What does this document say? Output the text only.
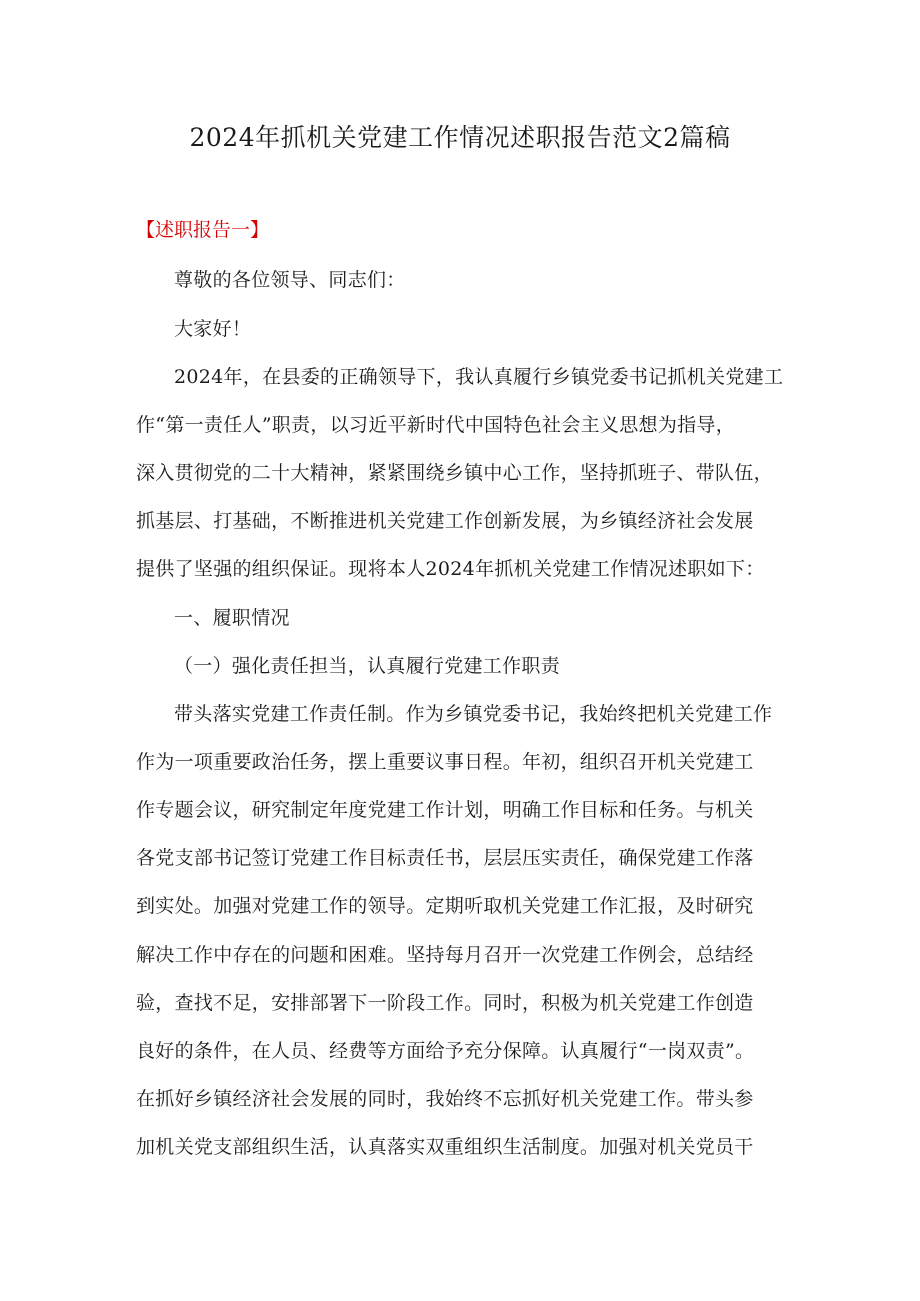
2024年抓机关党建工作情况述职报告范文2篇稿
【述职报告一】
尊敬的各位领导、同志们：
大家好！
2024年，在县委的正确领导下，我认真履行乡镇党委书记抓机关党建工
作“第一责任人”职责，以习近平新时代中国特色社会主义思想为指导，
深入贯彻党的二十大精神，紧紧围绕乡镇中心工作，坚持抓班子、带队伍，
抓基层、打基础，不断推进机关党建工作创新发展，为乡镇经济社会发展
提供了坚强的组织保证。现将本人2024年抓机关党建工作情况述职如下：
一、履职情况
（一）强化责任担当，认真履行党建工作职责
带头落实党建工作责任制。作为乡镇党委书记，我始终把机关党建工作
作为一项重要政治任务，摆上重要议事日程。年初，组织召开机关党建工
作专题会议，研究制定年度党建工作计划，明确工作目标和任务。与机关
各党支部书记签订党建工作目标责任书，层层压实责任，确保党建工作落
到实处。加强对党建工作的领导。定期听取机关党建工作汇报，及时研究
解决工作中存在的问题和困难。坚持每月召开一次党建工作例会，总结经
验，查找不足，安排部署下一阶段工作。同时，积极为机关党建工作创造
良好的条件，在人员、经费等方面给予充分保障。认真履行“一岗双责”。
在抓好乡镇经济社会发展的同时，我始终不忘抓好机关党建工作。带头参
加机关党支部组织生活，认真落实双重组织生活制度。加强对机关党员干
